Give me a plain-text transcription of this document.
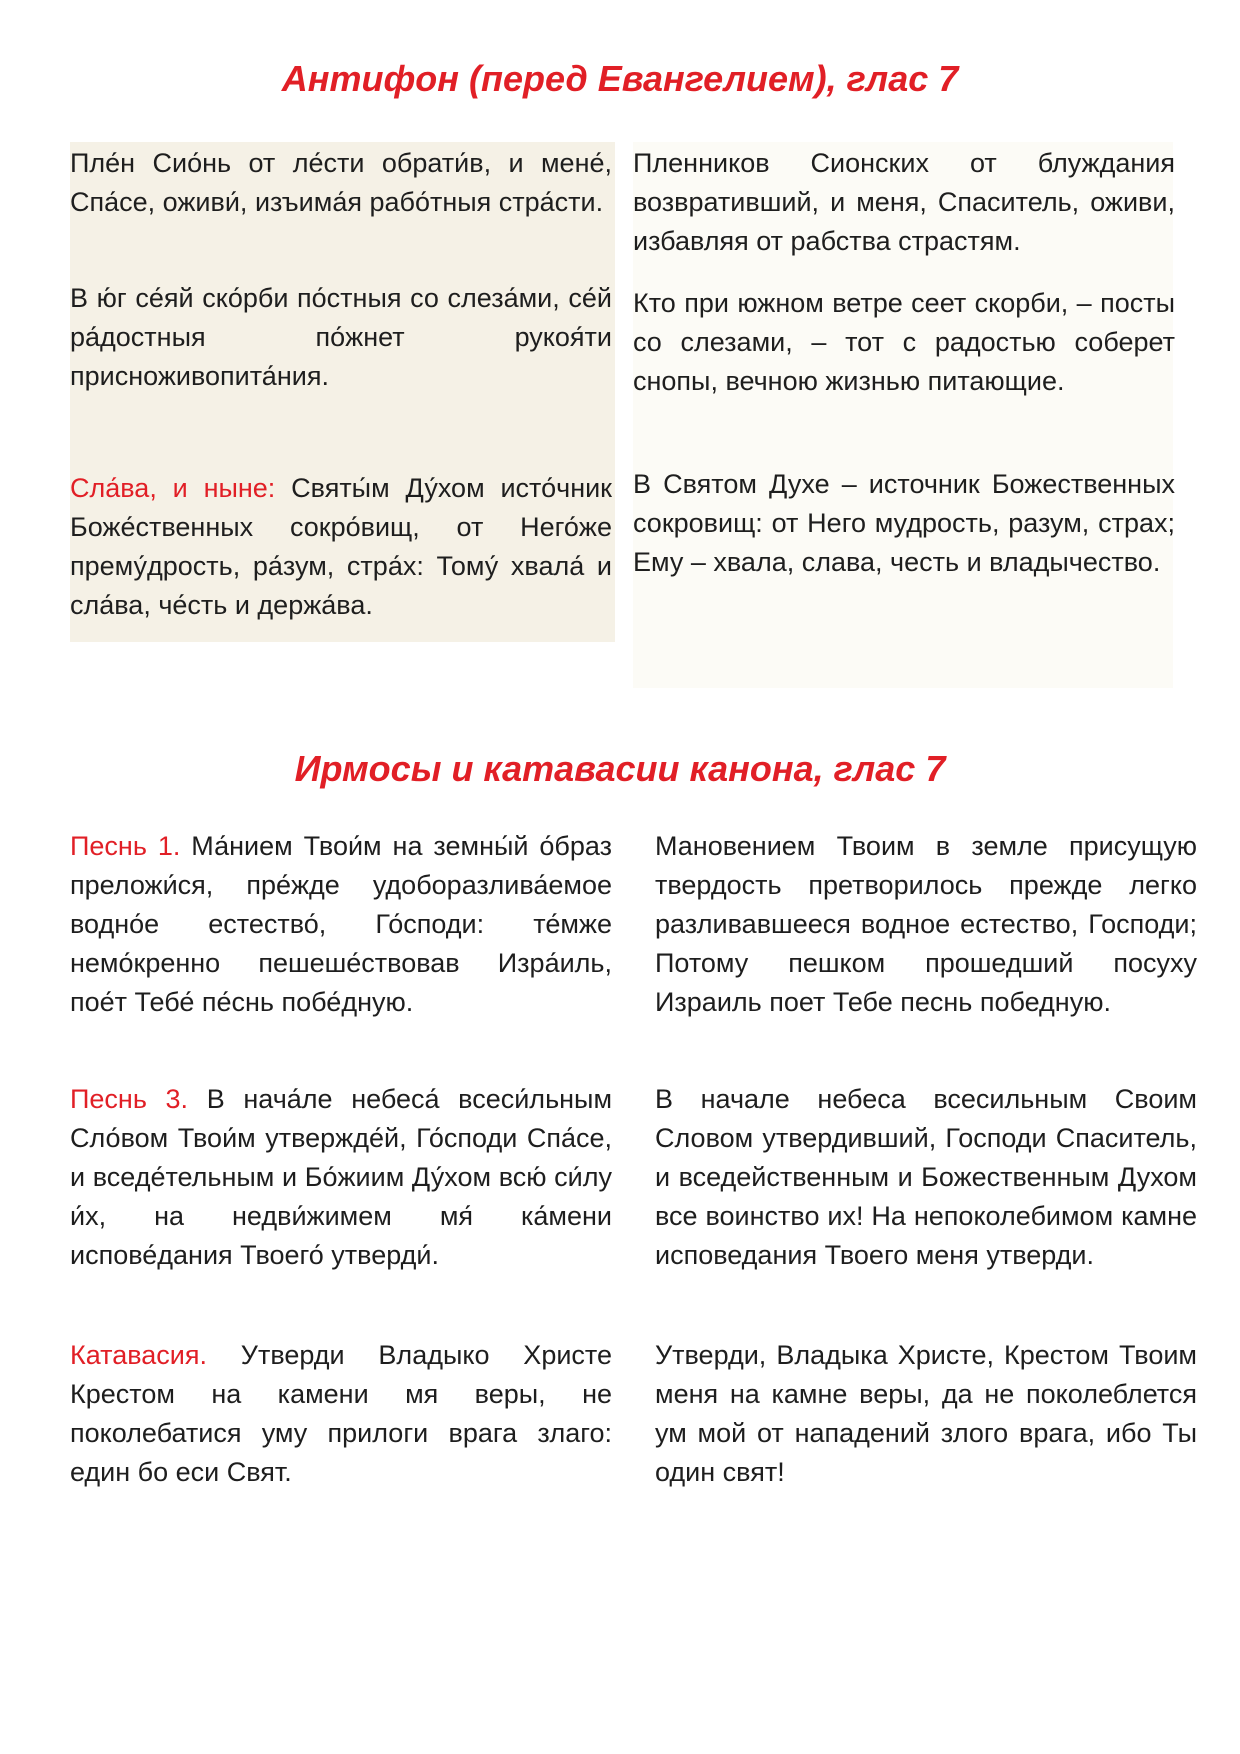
Антифон (перед Евангелием), глас 7

Пле́н Сио́нь от ле́сти обрати́в, и мене́, Спа́се, оживи́, изъима́я рабо́тныя стра́сти.

В ю́г се́яй ско́рби по́стныя со слеза́ми, се́й ра́достныя по́жнет рукоя́ти присноживопита́ния.

Сла́ва, и ныне: Святы́м Ду́хом исто́чник Боже́ственных сокро́вищ, от Него́же прему́дрость, ра́зум, стра́х: Тому́ хвала́ и сла́ва, че́сть и держа́ва.

Пленников Сионских от блуждания возвративший, и меня, Спаситель, оживи, избавляя от рабства страстям.

Кто при южном ветре сеет скорби, – посты со слезами, – тот с радостью соберет снопы, вечною жизнью питающие.

В Святом Духе – источник Божественных сокровищ: от Него мудрость, разум, страх; Ему – хвала, слава, честь и владычество.

Ирмосы и катавасии канона, глас 7

Песнь 1. Ма́нием Твои́м на земны́й о́браз преложи́ся, пре́жде удоборазлива́емое водно́е естество́, Го́споди: те́мже немо́кренно пешеше́ствовав Изра́иль, пое́т Тебе́ пе́снь побе́дную.

Песнь 3. В нача́ле небеса́ всеси́льным Сло́вом Твои́м утвержде́й, Го́споди Спа́се, и вседе́тельным и Бо́жиим Ду́хом всю́ си́лу и́х, на недви́жимем мя́ ка́мени испове́дания Твоего́ утверди́.

Катавасия. Утверди Владыко Христе Крестом на камени мя веры, не поколебатися уму прилоги врага злаго: един бо еси Свят.

Мановением Твоим в земле присущую твердость претворилось прежде легко разливавшееся водное естество, Господи; Потому пешком прошедший посуху Израиль поет Тебе песнь победную.

В начале небеса всесильным Своим Словом утвердивший, Господи Спаситель, и вседейственным и Божественным Духом все воинство их! На непоколебимом камне исповедания Твоего меня утверди.

Утверди, Владыка Христе, Крестом Твоим меня на камне веры, да не поколеблется ум мой от нападений злого врага, ибо Ты один свят!
